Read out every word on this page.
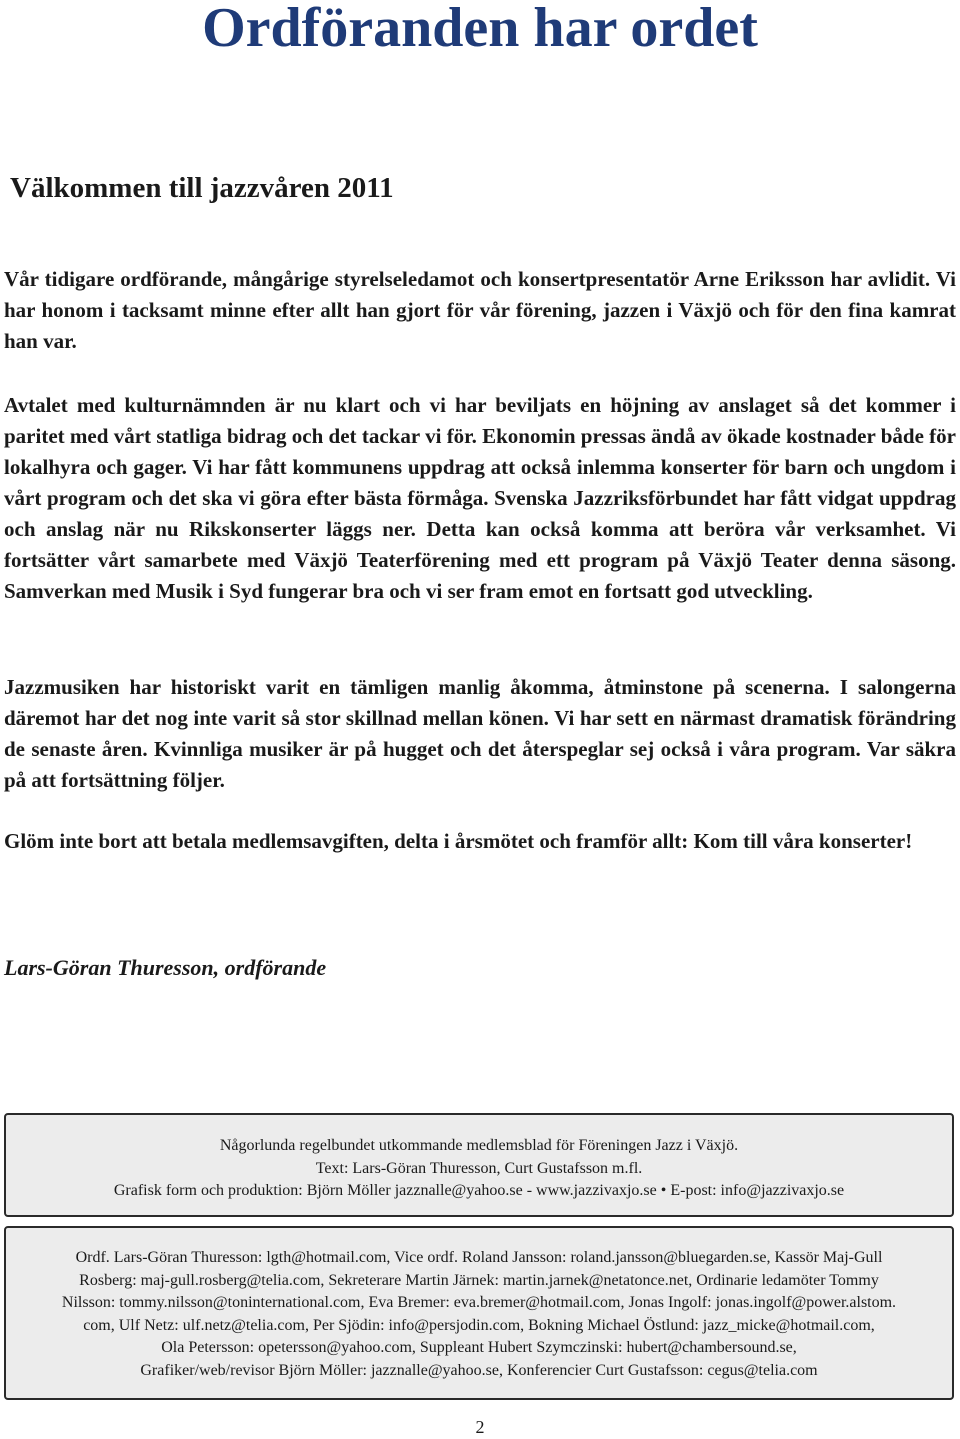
Ordföranden har ordet
Välkommen till jazzvåren 2011

Vår tidigare ordförande, mångårige styrelseledamot och konsertpresentatör Arne Eriksson har avlidit. Vi har honom i tacksamt minne efter allt han gjort för vår förening, jazzen i Växjö och för den fina kamrat han var.

Avtalet med kulturnämnden är nu klart och vi har beviljats en höjning av anslaget så det kommer i paritet med vårt statliga bidrag och det tackar vi för. Ekonomin pressas ändå av ökade kostnader både för lokalhyra och gager. Vi har fått kommunens uppdrag att också inlemma konserter för barn och ungdom i vårt program och det ska vi göra efter bästa förmåga. Svenska Jazzriksförbundet har fått vidgat uppdrag och anslag när nu Rikskonserter läggs ner. Detta kan också komma att beröra vår verksamhet. Vi fortsätter vårt samarbete med Växjö Teaterförening med ett program på Växjö Teater denna säsong. Samverkan med Musik i Syd fungerar bra och vi ser fram emot en fortsatt god utveckling.

Jazzmusiken har historiskt varit en tämligen manlig åkomma, åtminstone på scenerna. I salongerna däremot har det nog inte varit så stor skillnad mellan könen. Vi har sett en närmast dramatisk förändring de senaste åren. Kvinnliga musiker är på hugget och det återspeglar sej också i våra program. Var säkra på att fortsättning följer.

Glöm inte bort att betala medlemsavgiften, delta i årsmötet och framför allt: Kom till våra konserter!

Lars-Göran Thuresson, ordförande

Någorlunda regelbundet utkommande medlemsblad för Föreningen Jazz i Växjö.
Text: Lars-Göran Thuresson, Curt Gustafsson m.fl.
Grafisk form och produktion: Björn Möller jazznalle@yahoo.se - www.jazzivaxjo.se • E-post: info@jazzivaxjo.se
Ordf. Lars-Göran Thuresson: lgth@hotmail.com, Vice ordf. Roland Jansson: roland.jansson@bluegarden.se, Kassör Maj-Gull
Rosberg: maj-gull.rosberg@telia.com, Sekreterare Martin Järnek: martin.jarnek@netatonce.net, Ordinarie ledamöter Tommy
Nilsson: tommy.nilsson@toninternational.com, Eva Bremer: eva.bremer@hotmail.com, Jonas Ingolf: jonas.ingolf@power.alstom.
com, Ulf Netz: ulf.netz@telia.com, Per Sjödin: info@persjodin.com, Bokning Michael Östlund: jazz_micke@hotmail.com,
Ola Petersson: opetersson@yahoo.com, Suppleant Hubert Szymczinski: hubert@chambersound.se,
Grafiker/web/revisor Björn Möller: jazznalle@yahoo.se, Konferencier Curt Gustafsson: cegus@telia.com
2
